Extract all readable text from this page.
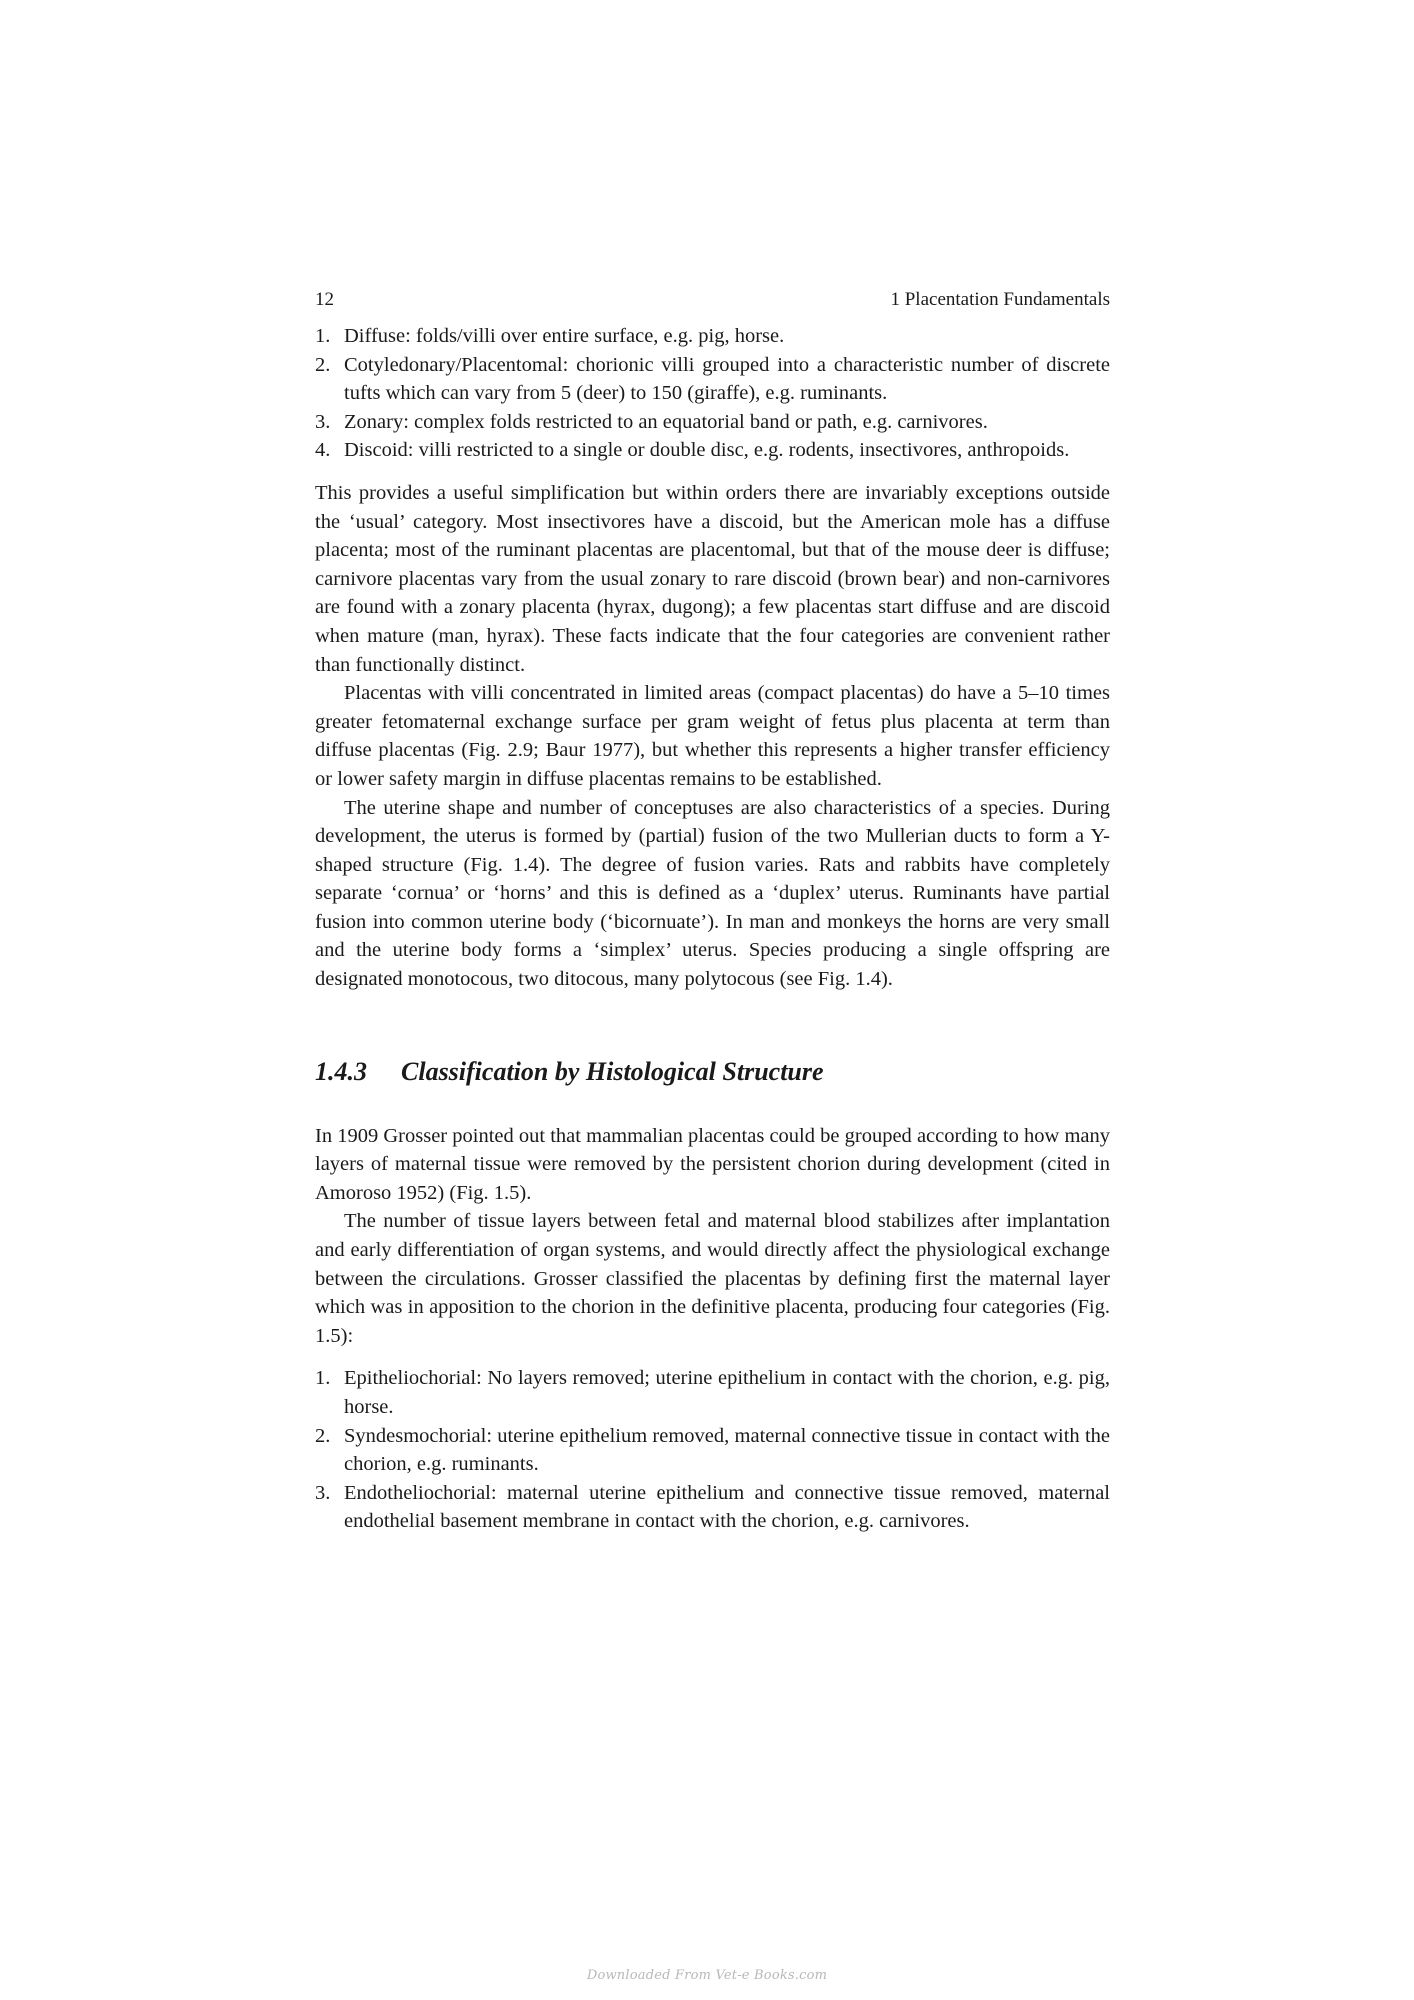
12	1 Placentation Fundamentals
1. Diffuse: folds/villi over entire surface, e.g. pig, horse.
2. Cotyledonary/Placentomal: chorionic villi grouped into a characteristic number of discrete tufts which can vary from 5 (deer) to 150 (giraffe), e.g. ruminants.
3. Zonary: complex folds restricted to an equatorial band or path, e.g. carnivores.
4. Discoid: villi restricted to a single or double disc, e.g. rodents, insectivores, anthropoids.

This provides a useful simplification but within orders there are invariably exceptions outside the ‘usual’ category. Most insectivores have a discoid, but the American mole has a diffuse placenta; most of the ruminant placentas are placentomal, but that of the mouse deer is diffuse; carnivore placentas vary from the usual zonary to rare discoid (brown bear) and non-carnivores are found with a zonary placenta (hyrax, dugong); a few placentas start diffuse and are discoid when mature (man, hyrax). These facts indicate that the four categories are convenient rather than functionally distinct.

Placentas with villi concentrated in limited areas (compact placentas) do have a 5–10 times greater fetomaternal exchange surface per gram weight of fetus plus placenta at term than diffuse placentas (Fig. 2.9; Baur 1977), but whether this represents a higher transfer efficiency or lower safety margin in diffuse placentas remains to be established.

The uterine shape and number of conceptuses are also characteristics of a species. During development, the uterus is formed by (partial) fusion of the two Mullerian ducts to form a Y-shaped structure (Fig. 1.4). The degree of fusion varies. Rats and rabbits have completely separate ‘cornua’ or ‘horns’ and this is defined as a ‘duplex’ uterus. Ruminants have partial fusion into common uterine body (‘bicornuate’). In man and monkeys the horns are very small and the uterine body forms a ‘simplex’ uterus. Species producing a single offspring are designated monotocous, two ditocous, many polytocous (see Fig. 1.4).

1.4.3 Classification by Histological Structure

In 1909 Grosser pointed out that mammalian placentas could be grouped according to how many layers of maternal tissue were removed by the persistent chorion during development (cited in Amoroso 1952) (Fig. 1.5).

The number of tissue layers between fetal and maternal blood stabilizes after implantation and early differentiation of organ systems, and would directly affect the physiological exchange between the circulations. Grosser classified the placentas by defining first the maternal layer which was in apposition to the chorion in the definitive placenta, producing four categories (Fig. 1.5):

1. Epitheliochorial: No layers removed; uterine epithelium in contact with the chorion, e.g. pig, horse.
2. Syndesmochorial: uterine epithelium removed, maternal connective tissue in contact with the chorion, e.g. ruminants.
3. Endotheliochorial: maternal uterine epithelium and connective tissue removed, maternal endothelial basement membrane in contact with the chorion, e.g. carnivores.
Downloaded From Vet-e Books.com
